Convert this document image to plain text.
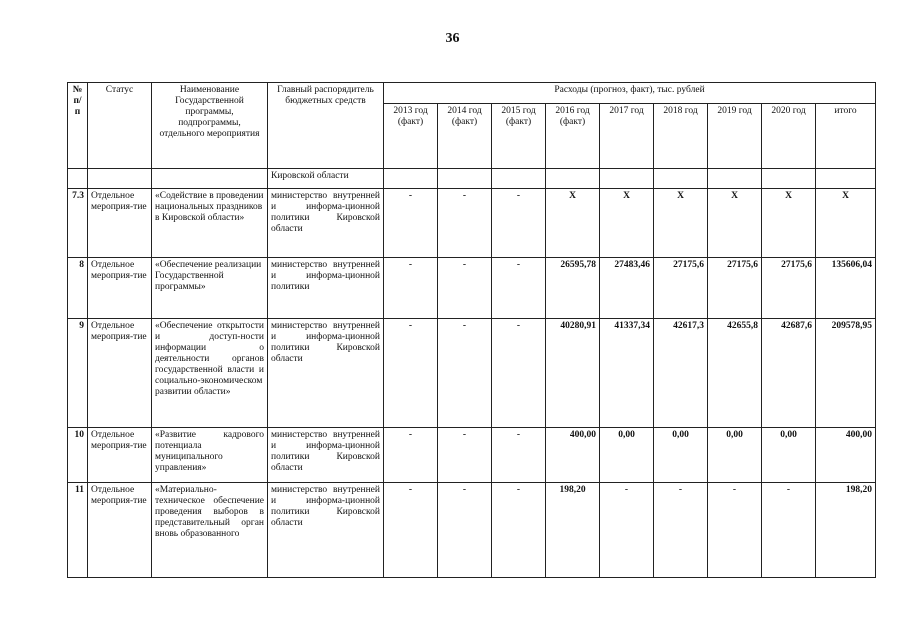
36
№ п/п	Статус	Наименование Государственной программы, подпрограммы, отдельного мероприятия	Главный распорядитель бюджетных средств	Расходы (прогноз, факт), тыс. рублей								
				2013 год (факт)	2014 год (факт)	2015 год (факт)	2016 год (факт)	2017 год	2018 год	2019 год	2020 год	итого
			Кировской области									
7.3	Отдельное мероприя-тие	«Содействие в проведении национальных праздников в Кировской области»	министерство внутренней и информа-ционной политики Кировской области	-	-	-	X	X	X	X	X	X
8	Отдельное мероприя-тие	«Обеспечение реализации Государственной программы»	министерство внутренней и информа-ционной политики	-	-	-	26595,78	27483,46	27175,6	27175,6	27175,6	135606,04
9	Отдельное мероприя-тие	«Обеспечение открытости и доступ-ности информации о деятельности органов государственной власти и социально-экономическом развитии области»	министерство внутренней и информа-ционной политики Кировской области	-	-	-	40280,91	41337,34	42617,3	42655,8	42687,6	209578,95
10	Отдельное мероприя-тие	«Развитие кадрового потенциала муниципального управления»	министерство внутренней и информа-ционной политики Кировской области	-	-	-	400,00	0,00	0,00	0,00	0,00	400,00
11	Отдельное мероприя-тие	«Материально-техническое обеспечение проведения выборов в представительный орган вновь образованного	министерство внутренней и информа-ционной политики Кировской области	-	-	-	198,20	-	-	-	-	198,20
